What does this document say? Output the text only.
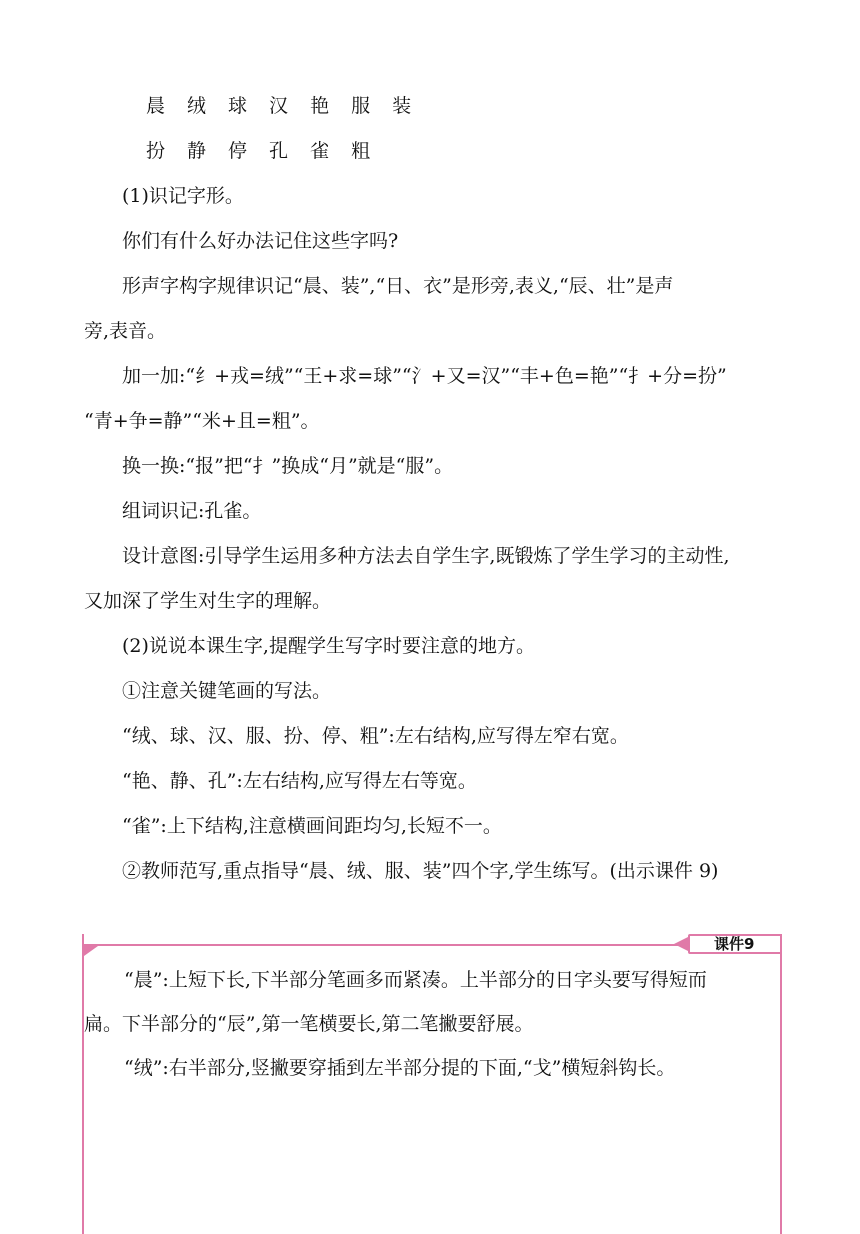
晨 绒 球 汉 艳 服 装
扮 静 停 孔 雀 粗
(1)识记字形。
你们有什么好办法记住这些字吗?
形声字构字规律识记“晨、装”,“日、衣”是形旁,表义,“辰、壮”是声
旁,表音。
加一加:“纟+戎=绒”“王+求=球”“氵+又=汉”“丰+色=艳”“扌+分=扮”
“青+争=静”“米+且=粗”。
换一换:“报”把“扌”换成“月”就是“服”。
组词识记:孔雀。
设计意图:引导学生运用多种方法去自学生字,既锻炼了学生学习的主动性,
又加深了学生对生字的理解。
(2)说说本课生字,提醒学生写字时要注意的地方。
①注意关键笔画的写法。
“绒、球、汉、服、扮、停、粗”:左右结构,应写得左窄右宽。
“艳、静、孔”:左右结构,应写得左右等宽。
“雀”:上下结构,注意横画间距均匀,长短不一。
②教师范写,重点指导“晨、绒、服、装”四个字,学生练写。(出示课件 9)
课件9
“晨”:上短下长,下半部分笔画多而紧凑。上半部分的日字头要写得短而
扁。下半部分的“辰”,第一笔横要长,第二笔撇要舒展。
“绒”:右半部分,竖撇要穿插到左半部分提的下面,“戈”横短斜钩长。
